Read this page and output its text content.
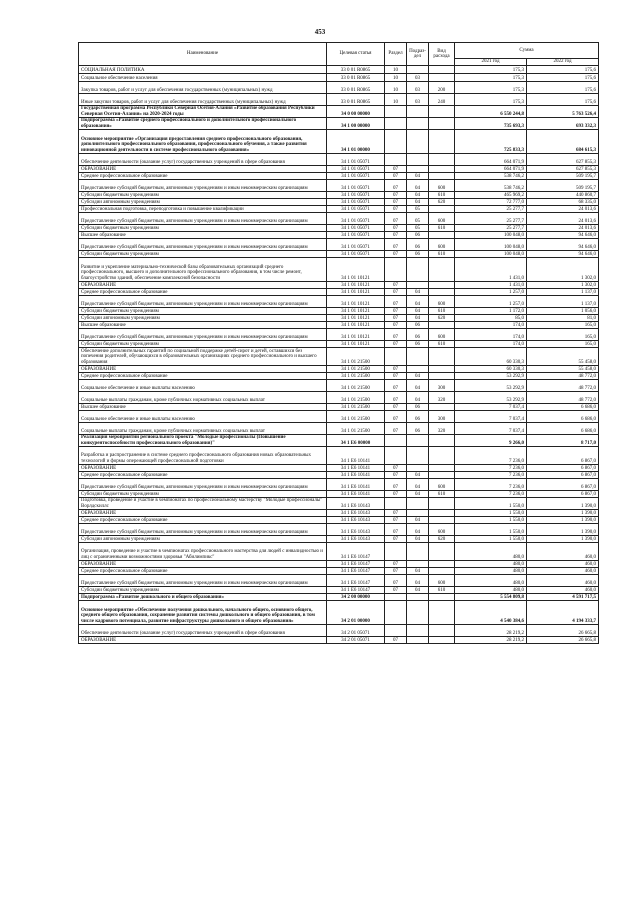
453
Наименование	Целевая статья	Раздел	Подраз-дел	Вид расхода	Сумма	
					2021 год	2022 год
СОЦИАЛЬНАЯ ПОЛИТИКА	33 0 01 R0865	10			175,3	175,6
Социальное обеспечение населения	33 0 01 R0865	10	03		175,3	175,6
Закупка товаров, работ и услуг для обеспечения государственных (муниципальных) нужд	33 0 01 R0865	10	03	200	175,3	175,6
Иные закупки товаров, работ и услуг для обеспечения государственных (муниципальных) нужд	33 0 01 R0865	10	03	240	175,3	175,6
Государственная программа Республики Северная Осетия-Алания «Развитие образования Республики Северная Осетия-Алания» на 2020-2024 годы	34 0 00 00000				6 550 244,8	5 763 526,4
Подпрограмма «Развитие среднего профессионального и дополнительного профессионального образования»	34 1 00 00000				735 693,3	693 332,3
Основное мероприятие «Организация предоставления среднего профессионального образования, дополнительного профессионального образования, профессионального обучения, а также развития инновационной деятельности в системе профессионального образования»	34 1 01 00000				725 833,3	684 615,3
Обеспечение деятельности (оказание услуг) государственных учреждений в сфере образования	34 1 01 05071				664 071,9	627 855,3
ОБРАЗОВАНИЕ	34 1 01 05071	07			664 071,9	627 855,3
Среднее профессиональное образование	34 1 01 05071	07	04		538 746,2	509 195,7
Предоставление субсидий бюджетным, автономным учреждениям и иным некоммерческим организациям	34 1 01 05071	07	04	600	538 746,2	509 195,7
Субсидии бюджетным учреждениям	34 1 01 05071	07	04	610	465 969,2	440 860,7
Субсидии автономным учреждениям	34 1 01 05071	07	04	620	72 777,0	68 335,0
Профессиональная подготовка, переподготовка и повышение квалификации	34 1 01 05071	07	05		25 277,7	24 013,6
Предоставление субсидий бюджетным, автономным учреждениям и иным некоммерческим организациям	34 1 01 05071	07	05	600	25 277,7	24 013,6
Субсидии бюджетным учреждениям	34 1 01 05071	07	05	610	25 277,7	24 013,6
Высшее образование	34 1 01 05071	07	06		100 048,0	94 646,0
Предоставление субсидий бюджетным, автономным учреждениям и иным некоммерческим организациям	34 1 01 05071	07	06	600	100 048,0	94 646,0
Субсидии бюджетным учреждениям	34 1 01 05071	07	06	610	100 048,0	94 646,0
Развитие и укрепление материально-технической базы образовательных организаций среднего профессионального, высшего и дополнительного профессионального образования, в том числе ремонт, благоустройство зданий, обеспечение комплексной безопасности	34 1 01 10121				1 431,0	1 302,0
ОБРАЗОВАНИЕ	34 1 01 10121	07			1 431,0	1 302,0
Среднее профессиональное образование	34 1 01 10121	07	04		1 257,0	1 137,0
Предоставление субсидий бюджетным, автономным учреждениям и иным некоммерческим организациям	34 1 01 10121	07	04	600	1 257,0	1 137,0
Субсидии бюджетным учреждениям	34 1 01 10121	07	04	610	1 172,0	1 056,0
Субсидии автономным учреждениям	34 1 01 10121	07	04	620	85,0	81,0
Высшее образование	34 1 01 10121	07	06		174,0	165,0
Предоставление субсидий бюджетным, автономным учреждениям и иным некоммерческим организациям	34 1 01 10121	07	06	600	174,0	165,0
Субсидии бюджетным учреждениям	34 1 01 10121	07	06	610	174,0	165,0
Обеспечение дополнительных гарантий по социальной поддержке детей-сирот и детей, оставшихся без попечения родителей, обучающихся в образовательных организациях среднего профессионального и высшего образования	34 1 01 21500				60 330,3	55 458,0
ОБРАЗОВАНИЕ	34 1 01 21500	07			60 330,3	55 458,0
Среднее профессиональное образование	34 1 01 21500	07	04		53 292,9	48 772,0
Социальное обеспечение и иные выплаты населению	34 1 01 21500	07	04	300	53 292,9	48 772,0
Социальные выплаты гражданам, кроме публичных нормативных социальных выплат	34 1 01 21500	07	04	320	53 292,9	48 772,0
Высшее образование	34 1 01 21500	07	06		7 037,4	6 686,0
Социальное обеспечение и иные выплаты населению	34 1 01 21500	07	06	300	7 037,4	6 686,0
Социальные выплаты гражданам, кроме публичных нормативных социальных выплат	34 1 01 21500	07	06	320	7 037,4	6 686,0
Реализация мероприятий регионального проекта "Молодые профессионалы (Повышение конкурентоспособности профессионального образования)"	34 1 E6 00000				9 266,0	8 717,0
Разработка и распространение в системе среднего профессионального образования новых образовательных технологий и формы опережающей профессиональной подготовки	34 1 E6 10141				7 236,0	6 867,0
ОБРАЗОВАНИЕ	34 1 E6 10141	07			7 236,0	6 867,0
Среднее профессиональное образование	34 1 E6 10141	07	04		7 236,0	6 867,0
Предоставление субсидий бюджетным, автономным учреждениям и иным некоммерческим организациям	34 1 E6 10141	07	04	600	7 236,0	6 867,0
Субсидии бюджетным учреждениям	34 1 E6 10141	07	04	610	7 236,0	6 867,0
Подготовка, проведение и участие в чемпионатах по профессиональному мастерству "Молодые профессионалы" Ворлдскиллс	34 1 E6 10143				1 550,0	1 390,0
ОБРАЗОВАНИЕ	34 1 E6 10143	07			1 550,0	1 390,0
Среднее профессиональное образование	34 1 E6 10143	07	04		1 550,0	1 390,0
Предоставление субсидий бюджетным, автономным учреждениям и иным некоммерческим организациям	34 1 E6 10143	07	04	600	1 550,0	1 390,0
Субсидии автономным учреждениям	34 1 E6 10143	07	04	620	1 550,0	1 390,0
Организация, проведение и участие в чемпионатах профессионального мастерства для людей с инвалидностью и лиц с ограниченными возможностями здоровья "Абилимпикс"	34 1 E6 10147				480,0	460,0
ОБРАЗОВАНИЕ	34 1 E6 10147	07			480,0	460,0
Среднее профессиональное образование	34 1 E6 10147	07	04		480,0	460,0
Предоставление субсидий бюджетным, автономным учреждениям и иным некоммерческим организациям	34 1 E6 10147	07	04	600	480,0	460,0
Субсидии бюджетным учреждениям	34 1 E6 10147	07	04	610	480,0	460,0
Подпрограмма «Развитие дошкольного и общего образования»	34 2 00 00000				5 554 809,8	4 591 717,5
Основное мероприятие «Обеспечение получения дошкольного, начального общего, основного общего, среднего общего образования, сохранение развития системы дошкольного и общего образования, в том числе кадрового потенциала, развитие инфраструктуры дошкольного и общего образования»	34 2 01 00000				4 540 384,6	4 194 333,7
Обеспечение деятельности (оказание услуг) государственных учреждений в сфере образования	34 2 01 05071				28 219,2	26 665,8
ОБРАЗОВАНИЕ	34 2 01 05071	07			28 219,2	26 665,8
